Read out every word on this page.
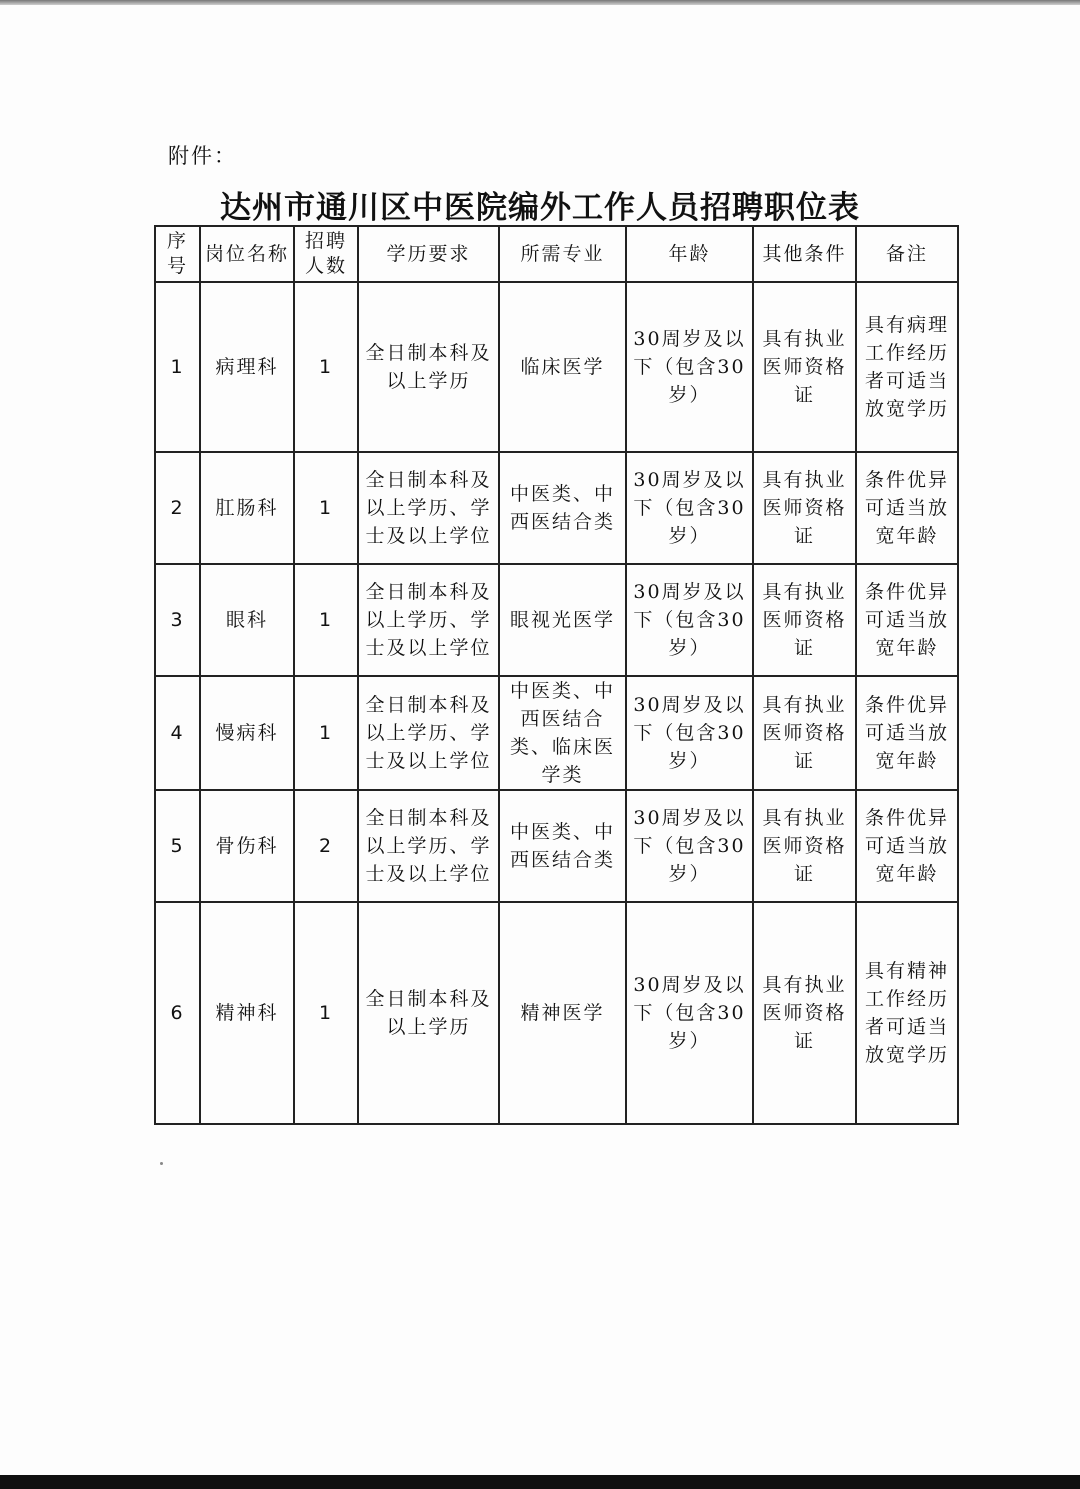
附件：
达州市通川区中医院编外工作人员招聘职位表
序号	岗位名称	招聘人数	学历要求	所需专业	年龄	其他条件	备注
1	病理科	1	全日制本科及以上学历	临床医学	30周岁及以下（包含30岁）	具有执业医师资格证	具有病理工作经历者可适当放宽学历
2	肛肠科	1	全日制本科及以上学历、学士及以上学位	中医类、中西医结合类	30周岁及以下（包含30岁）	具有执业医师资格证	条件优异可适当放宽年龄
3	眼科	1	全日制本科及以上学历、学士及以上学位	眼视光医学	30周岁及以下（包含30岁）	具有执业医师资格证	条件优异可适当放宽年龄
4	慢病科	1	全日制本科及以上学历、学士及以上学位	中医类、中西医结合类、临床医学类	30周岁及以下（包含30岁）	具有执业医师资格证	条件优异可适当放宽年龄
5	骨伤科	2	全日制本科及以上学历、学士及以上学位	中医类、中西医结合类	30周岁及以下（包含30岁）	具有执业医师资格证	条件优异可适当放宽年龄
6	精神科	1	全日制本科及以上学历	精神医学	30周岁及以下（包含30岁）	具有执业医师资格证	具有精神工作经历者可适当放宽学历
